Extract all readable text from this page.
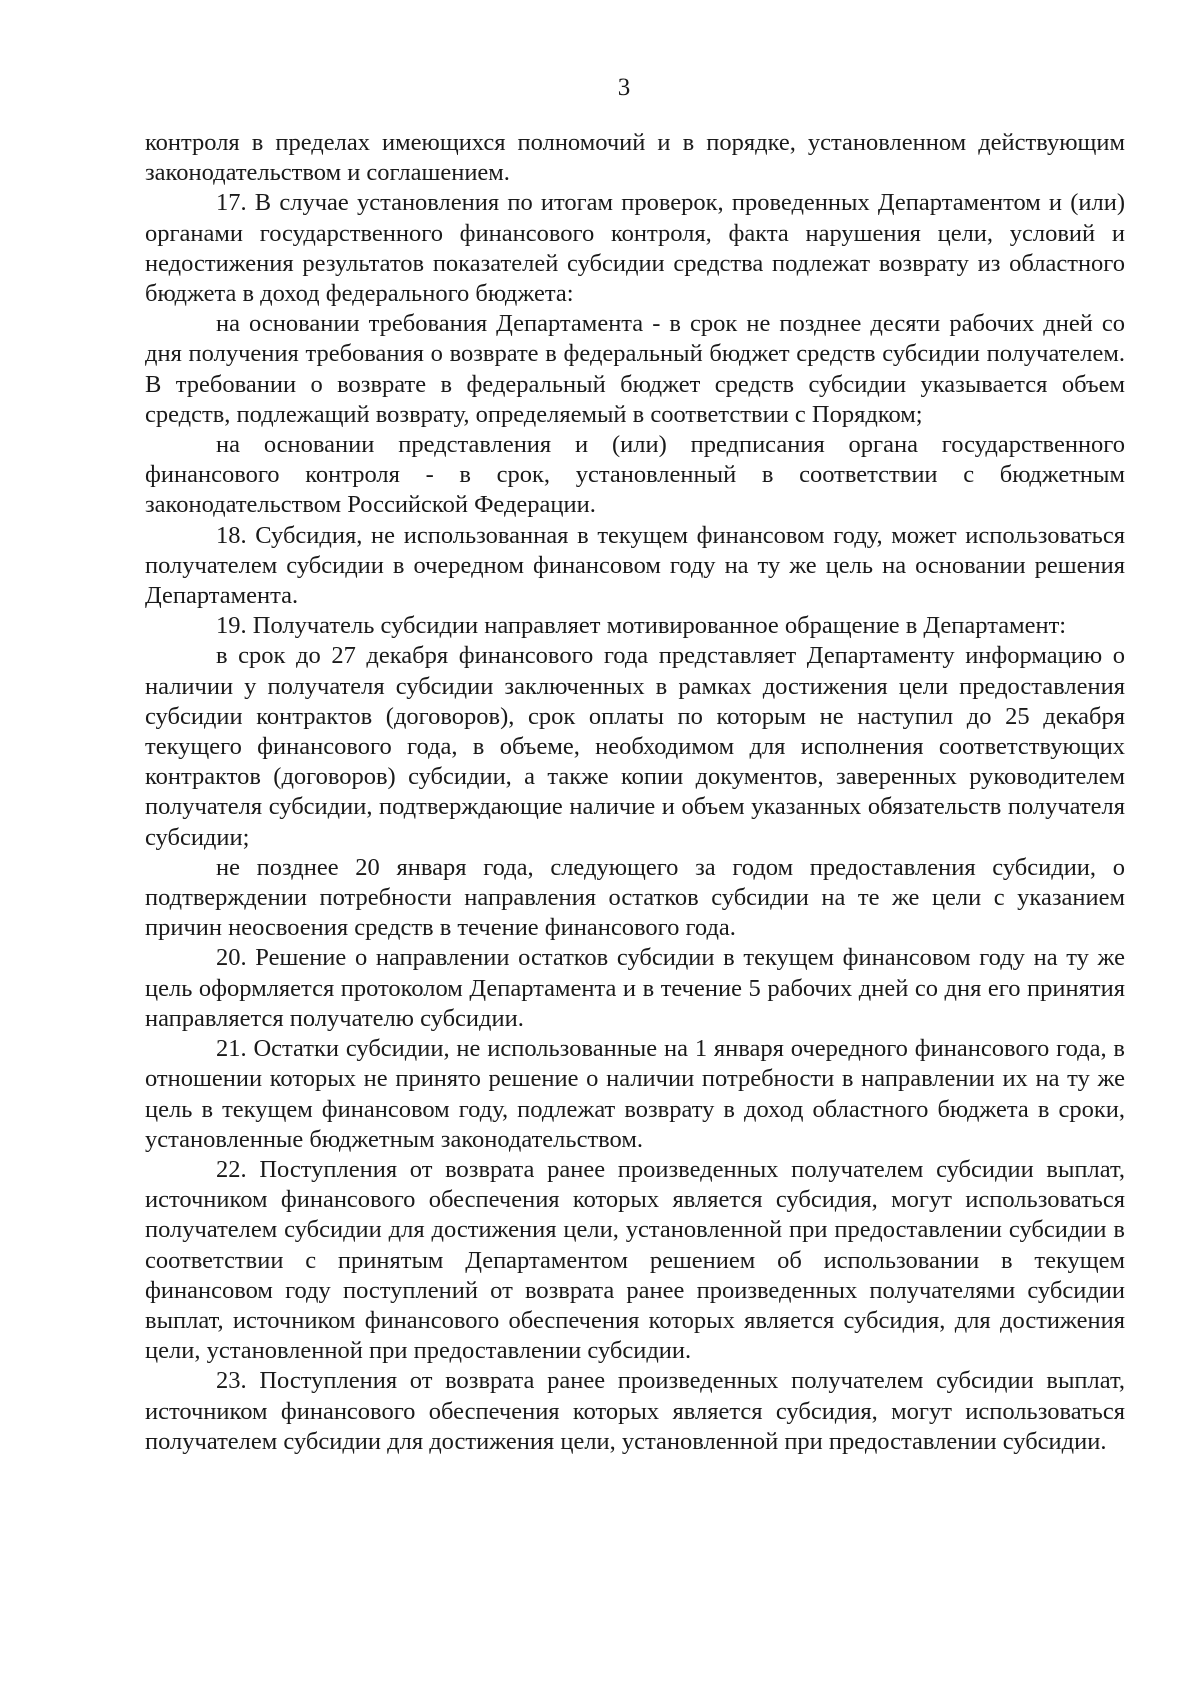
3

контроля в пределах имеющихся полномочий и в порядке, установленном действующим законодательством и соглашением.

17. В случае установления по итогам проверок, проведенных Департаментом и (или) органами государственного финансового контроля, факта нарушения цели, условий и недостижения результатов показателей субсидии средства подлежат возврату из областного бюджета в доход федерального бюджета:

на основании требования Департамента - в срок не позднее десяти рабочих дней со дня получения требования о возврате в федеральный бюджет средств субсидии получателем. В требовании о возврате в федеральный бюджет средств субсидии указывается объем средств, подлежащий возврату, определяемый в соответствии с Порядком;

на основании представления и (или) предписания органа государственного финансового контроля - в срок, установленный в соответствии с бюджетным законодательством Российской Федерации.

18. Субсидия, не использованная в текущем финансовом году, может использоваться получателем субсидии в очередном финансовом году на ту же цель на основании решения Департамента.

19. Получатель субсидии направляет мотивированное обращение в Департамент:

в срок до 27 декабря финансового года представляет Департаменту информацию о наличии у получателя субсидии заключенных в рамках достижения цели предоставления субсидии контрактов (договоров), срок оплаты по которым не наступил до 25 декабря текущего финансового года, в объеме, необходимом для исполнения соответствующих контрактов (договоров) субсидии, а также копии документов, заверенных руководителем получателя субсидии, подтверждающие наличие и объем указанных обязательств получателя субсидии;

не позднее 20 января года, следующего за годом предоставления субсидии, о подтверждении потребности направления остатков субсидии на те же цели с указанием причин неосвоения средств в течение финансового года.

20. Решение о направлении остатков субсидии в текущем финансовом году на ту же цель оформляется протоколом Департамента и в течение 5 рабочих дней со дня его принятия направляется получателю субсидии.

21. Остатки субсидии, не использованные на 1 января очередного финансового года, в отношении которых не принято решение о наличии потребности в направлении их на ту же цель в текущем финансовом году, подлежат возврату в доход областного бюджета в сроки, установленные бюджетным законодательством.

22. Поступления от возврата ранее произведенных получателем субсидии выплат, источником финансового обеспечения которых является субсидия, могут использоваться получателем субсидии для достижения цели, установленной при предоставлении субсидии в соответствии с принятым Департаментом решением об использовании в текущем финансовом году поступлений от возврата ранее произведенных получателями субсидии выплат, источником финансового обеспечения которых является субсидия, для достижения цели, установленной при предоставлении субсидии.

23. Поступления от возврата ранее произведенных получателем субсидии выплат, источником финансового обеспечения которых является субсидия, могут использоваться получателем субсидии для достижения цели, установленной при предоставлении субсидии.
